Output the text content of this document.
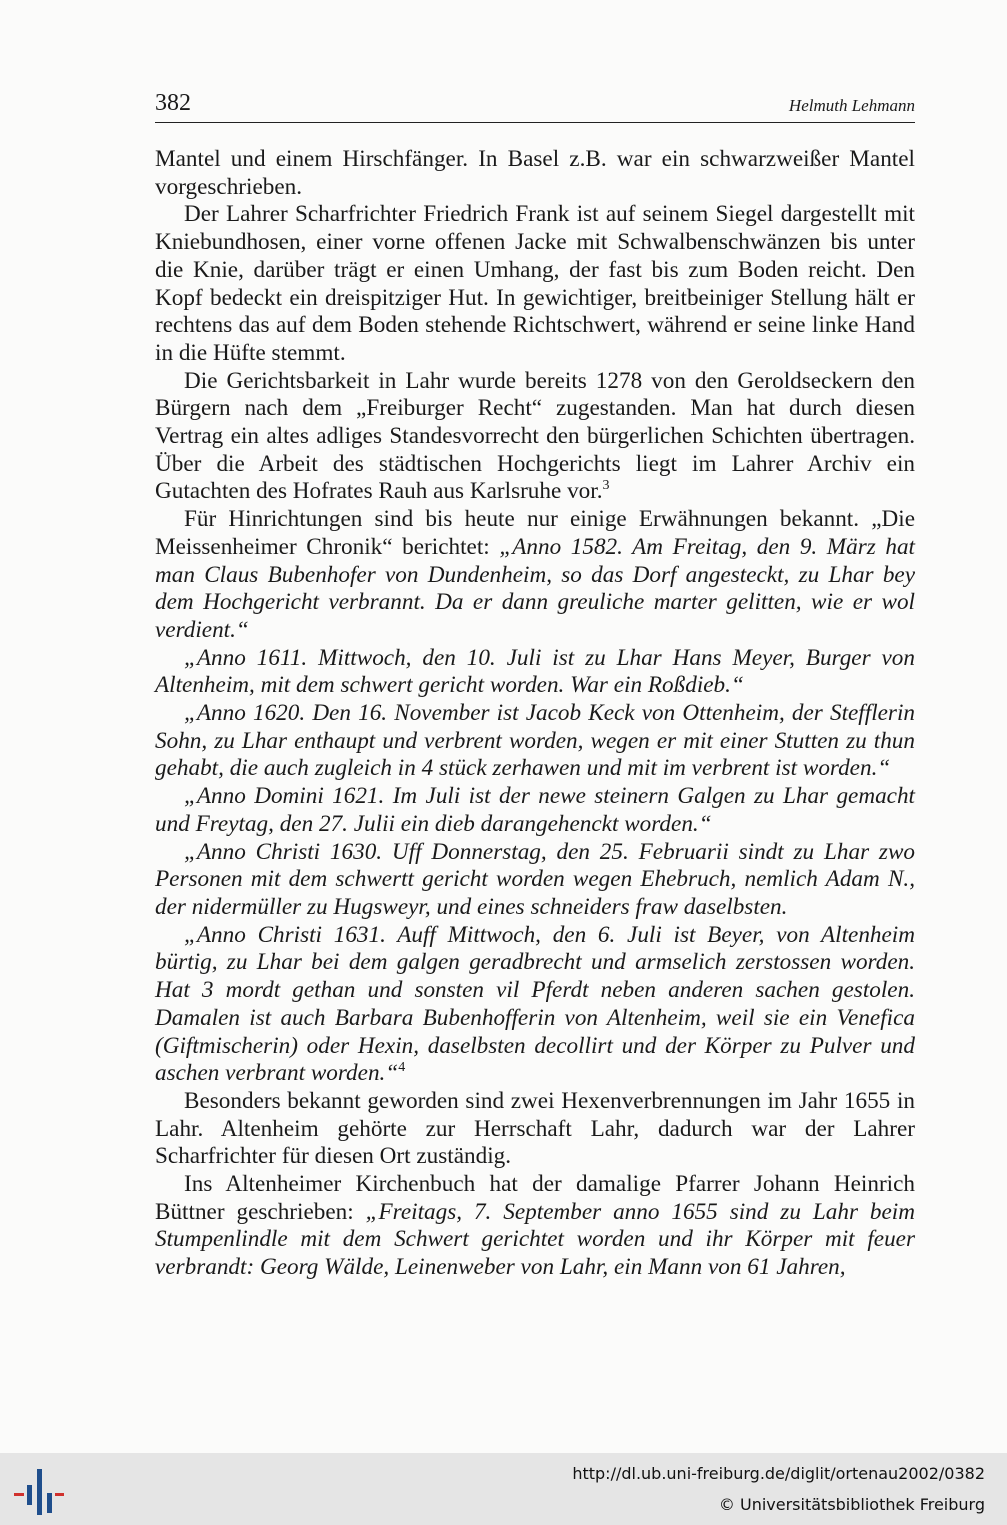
382	Helmuth Lehmann

Mantel und einem Hirschfänger. In Basel z.B. war ein schwarzweißer Mantel vorgeschrieben.

Der Lahrer Scharfrichter Friedrich Frank ist auf seinem Siegel dargestellt mit Kniebundhosen, einer vorne offenen Jacke mit Schwalbenschwänzen bis unter die Knie, darüber trägt er einen Umhang, der fast bis zum Boden reicht. Den Kopf bedeckt ein dreispitziger Hut. In gewichtiger, breitbeiniger Stellung hält er rechtens das auf dem Boden stehende Richtschwert, während er seine linke Hand in die Hüfte stemmt.

Die Gerichtsbarkeit in Lahr wurde bereits 1278 von den Geroldseckern den Bürgern nach dem „Freiburger Recht“ zugestanden. Man hat durch diesen Vertrag ein altes adliges Standesvorrecht den bürgerlichen Schichten übertragen. Über die Arbeit des städtischen Hochgerichts liegt im Lahrer Archiv ein Gutachten des Hofrates Rauh aus Karlsruhe vor.$^3$

Für Hinrichtungen sind bis heute nur einige Erwähnungen bekannt. „Die Meissenheimer Chronik“ berichtet: „Anno 1582. Am Freitag, den 9. März hat man Claus Bubenhofer von Dundenheim, so das Dorf angesteckt, zu Lhar bey dem Hochgericht verbrannt. Da er dann greuliche marter gelitten, wie er wol verdient.“

„Anno 1611. Mittwoch, den 10. Juli ist zu Lhar Hans Meyer, Burger von Altenheim, mit dem schwert gericht worden. War ein Roßdieb.“

„Anno 1620. Den 16. November ist Jacob Keck von Ottenheim, der Stefflerin Sohn, zu Lhar enthaupt und verbrent worden, wegen er mit einer Stutten zu thun gehabt, die auch zugleich in 4 stück zerhawen und mit im verbrent ist worden.“

„Anno Domini 1621. Im Juli ist der newe steinern Galgen zu Lhar gemacht und Freytag, den 27. Julii ein dieb darangehenckt worden.“

„Anno Christi 1630. Uff Donnerstag, den 25. Februarii sindt zu Lhar zwo Personen mit dem schwertt gericht worden wegen Ehebruch, nemlich Adam N., der nidermüller zu Hugsweyr, und eines schneiders fraw daselbsten.

„Anno Christi 1631. Auff Mittwoch, den 6. Juli ist Beyer, von Altenheim bürtig, zu Lhar bei dem galgen geradbrecht und armselich zerstossen worden. Hat 3 mordt gethan und sonsten vil Pferdt neben anderen sachen gestolen. Damalen ist auch Barbara Bubenhofferin von Altenheim, weil sie ein Venefica (Giftmischerin) oder Hexin, daselbsten decollirt und der Körper zu Pulver und aschen verbrant worden.“$^4$

Besonders bekannt geworden sind zwei Hexenverbrennungen im Jahr 1655 in Lahr. Altenheim gehörte zur Herrschaft Lahr, dadurch war der Lahrer Scharfrichter für diesen Ort zuständig.

Ins Altenheimer Kirchenbuch hat der damalige Pfarrer Johann Heinrich Büttner geschrieben: „Freitags, 7. September anno 1655 sind zu Lahr beim Stumpenlindle mit dem Schwert gerichtet worden und ihr Körper mit feuer verbrandt: Georg Wälde, Leinenweber von Lahr, ein Mann von 61 Jahren,

http://dl.ub.uni-freiburg.de/diglit/ortenau2002/0382
© Universitätsbibliothek Freiburg
